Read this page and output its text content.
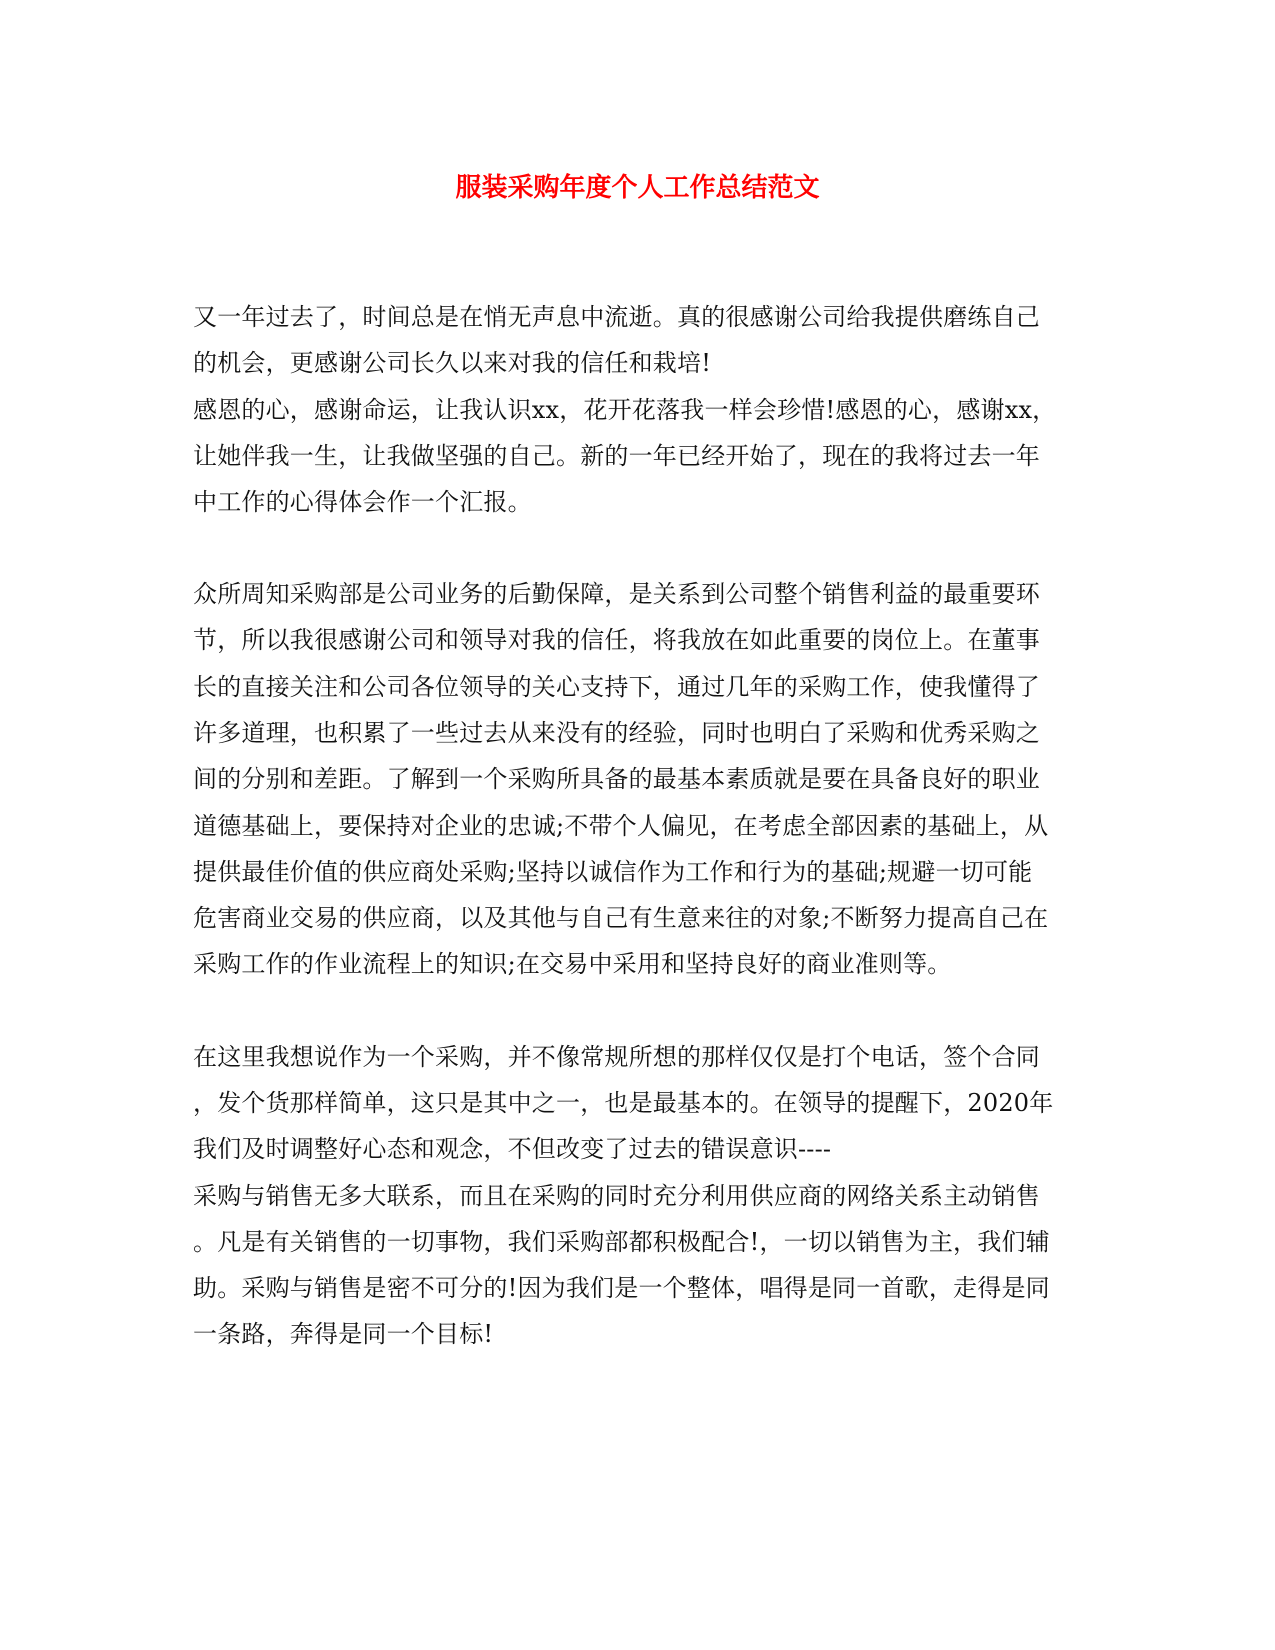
服装采购年度个人工作总结范文
又一年过去了，时间总是在悄无声息中流逝。真的很感谢公司给我提供磨练自己
的机会，更感谢公司长久以来对我的信任和栽培!
感恩的心，感谢命运，让我认识xx，花开花落我一样会珍惜!感恩的心，感谢xx，
让她伴我一生，让我做坚强的自己。新的一年已经开始了，现在的我将过去一年
中工作的心得体会作一个汇报。
众所周知采购部是公司业务的后勤保障，是关系到公司整个销售利益的最重要环
节，所以我很感谢公司和领导对我的信任，将我放在如此重要的岗位上。在董事
长的直接关注和公司各位领导的关心支持下，通过几年的采购工作，使我懂得了
许多道理，也积累了一些过去从来没有的经验，同时也明白了采购和优秀采购之
间的分别和差距。了解到一个采购所具备的最基本素质就是要在具备良好的职业
道德基础上，要保持对企业的忠诚;不带个人偏见，在考虑全部因素的基础上，从
提供最佳价值的供应商处采购;坚持以诚信作为工作和行为的基础;规避一切可能
危害商业交易的供应商，以及其他与自己有生意来往的对象;不断努力提高自己在
采购工作的作业流程上的知识;在交易中采用和坚持良好的商业准则等。
在这里我想说作为一个采购，并不像常规所想的那样仅仅是打个电话，签个合同
，发个货那样简单，这只是其中之一，也是最基本的。在领导的提醒下，2020年
我们及时调整好心态和观念，不但改变了过去的错误意识----
采购与销售无多大联系，而且在采购的同时充分利用供应商的网络关系主动销售
。凡是有关销售的一切事物，我们采购部都积极配合!，一切以销售为主，我们辅
助。采购与销售是密不可分的!因为我们是一个整体，唱得是同一首歌，走得是同
一条路，奔得是同一个目标!
